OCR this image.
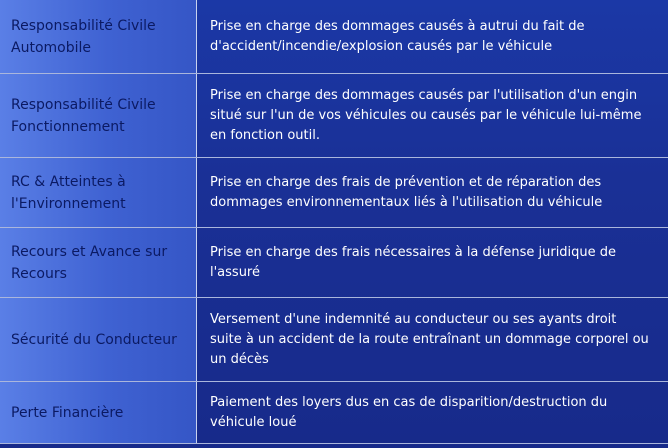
Responsabilité Civile Automobile
Prise en charge des dommages causés à autrui du fait de d'accident/incendie/explosion causés par le véhicule
Responsabilité Civile Fonctionnement
Prise en charge des dommages causés par l'utilisation d'un engin situé sur l'un de vos véhicules ou causés par le véhicule lui-même en fonction outil.
RC & Atteintes à l'Environnement
Prise en charge des frais de prévention et de réparation des dommages environnementaux liés à l'utilisation du véhicule
Recours et Avance sur Recours
Prise en charge des frais nécessaires à la défense juridique de l'assuré
Sécurité du Conducteur
Versement d'une indemnité au conducteur ou ses ayants droit suite à un accident de la route entraînant un dommage corporel ou un décès
Perte Financière
Paiement des loyers dus en cas de disparition/destruction du véhicule loué
